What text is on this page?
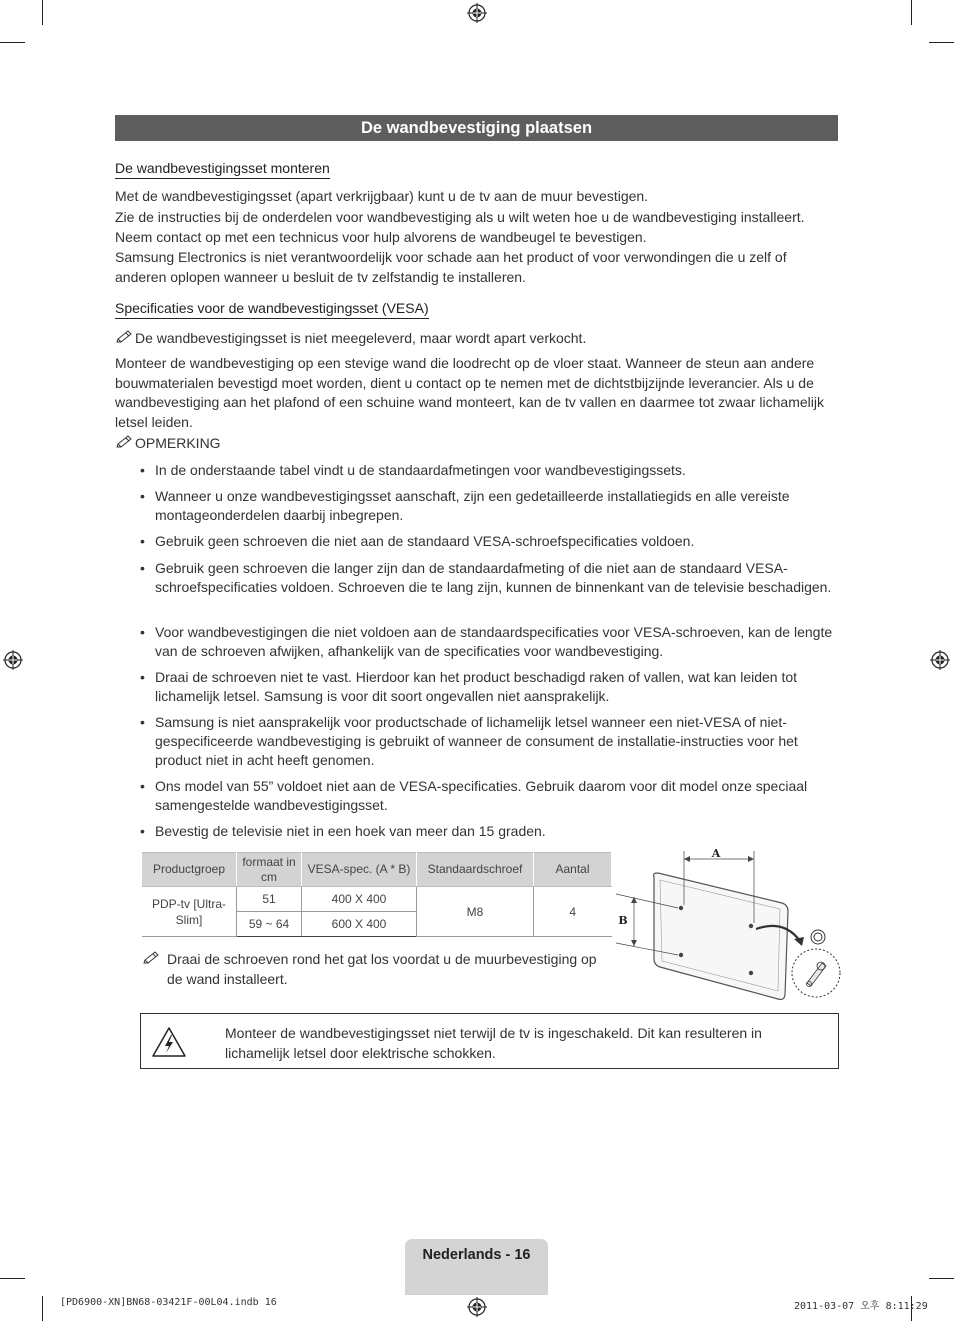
De wandbevestiging plaatsen
De wandbevestigingsset monteren

Met de wandbevestigingsset (apart verkrijgbaar) kunt u de tv aan de muur bevestigen.

Zie de instructies bij de onderdelen voor wandbevestiging als u wilt weten hoe u de wandbevestiging installeert. Neem contact op met een technicus voor hulp alvorens de wandbeugel te bevestigen.

Samsung Electronics is niet verantwoordelijk voor schade aan het product of voor verwondingen die u zelf of anderen oplopen wanneer u besluit de tv zelfstandig te installeren.

Specificaties voor de wandbevestigingsset (VESA)
De wandbevestigingsset is niet meegeleverd, maar wordt apart verkocht.

Monteer de wandbevestiging op een stevige wand die loodrecht op de vloer staat. Wanneer de steun aan andere bouwmaterialen bevestigd moet worden, dient u contact op te nemen met de dichtstbijzijnde leverancier. Als u de wandbevestiging aan het plafond of een schuine wand monteert, kan de tv vallen en daarmee tot zwaar lichamelijk letsel leiden.

OPMERKING
• In de onderstaande tabel vindt u de standaardafmetingen voor wandbevestigingssets.
• Wanneer u onze wandbevestigingsset aanschaft, zijn een gedetailleerde installatiegids en alle vereiste montageonderdelen daarbij inbegrepen.
• Gebruik geen schroeven die niet aan de standaard VESA-schroefspecificaties voldoen.
• Gebruik geen schroeven die langer zijn dan de standaardafmeting of die niet aan de standaard VESA-schroefspecificaties voldoen. Schroeven die te lang zijn, kunnen de binnenkant van de televisie beschadigen.
• Voor wandbevestigingen die niet voldoen aan de standaardspecificaties voor VESA-schroeven, kan de lengte van de schroeven afwijken, afhankelijk van de specificaties voor wandbevestiging.
• Draai de schroeven niet te vast. Hierdoor kan het product beschadigd raken of vallen, wat kan leiden tot lichamelijk letsel. Samsung is voor dit soort ongevallen niet aansprakelijk.
• Samsung is niet aansprakelijk voor productschade of lichamelijk letsel wanneer een niet-VESA of niet-gespecificeerde wandbevestiging is gebruikt of wanneer de consument de installatie-instructies voor het product niet in acht heeft genomen.
• Ons model van 55” voldoet niet aan de VESA-specificaties. Gebruik daarom voor dit model onze speciaal samengestelde wandbevestigingsset.
• Bevestig de televisie niet in een hoek van meer dan 15 graden.
Productgroep	formaat in cm	VESA-spec. (A * B)	Standaardschroef	Aantal
PDP-tv [Ultra-Slim]	51	400 X 400	M8	4
	59 ~ 64	600 X 400		
Draai de schroeven rond het gat los voordat u de muurbevestiging op de wand installeert.
A
B
Monteer de wandbevestigingsset niet terwijl de tv is ingeschakeld. Dit kan resulteren in lichamelijk letsel door elektrische schokken.
Nederlands - 16
[PD6900-XN]BN68-03421F-00L04.indb 16	2011-03-07 오후 8:11:29
